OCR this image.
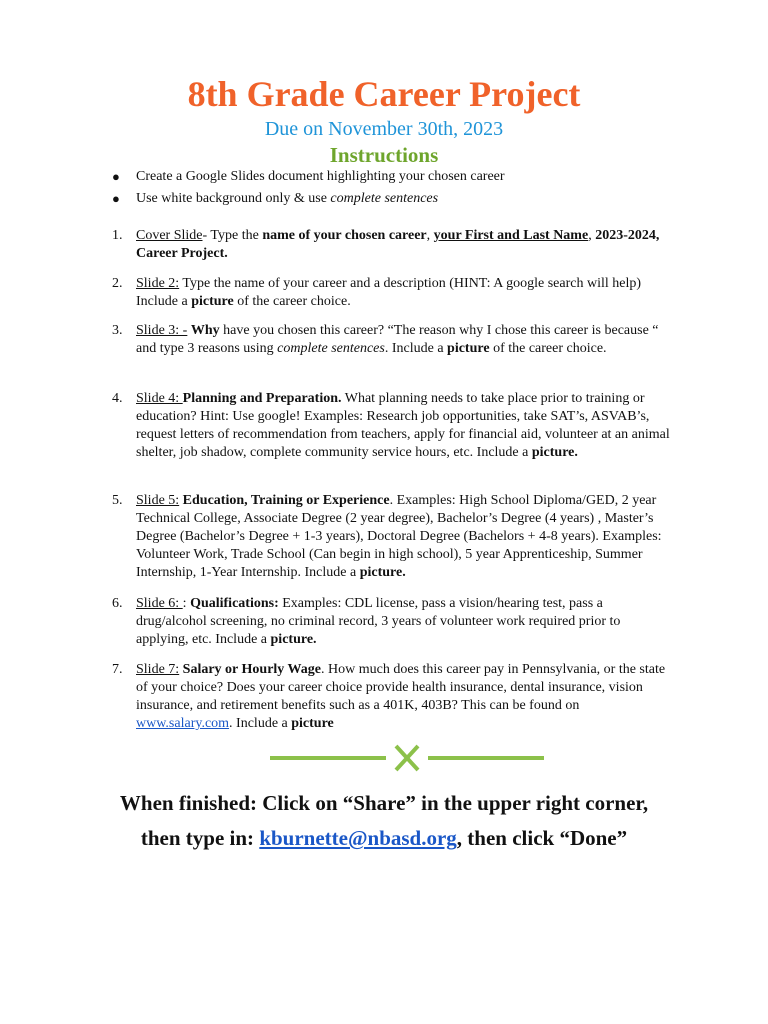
8th Grade Career Project
Due on November 30th, 2023
Instructions
● Create a Google Slides document highlighting your chosen career
● Use white background only & use complete sentences
1. Cover Slide- Type the name of your chosen career, your First and Last Name, 2023-2024, Career Project.
2. Slide 2: Type the name of your career and a description (HINT: A google search will help) Include a picture of the career choice.
3. Slide 3: - Why have you chosen this career? “The reason why I chose this career is because “ and type 3 reasons using complete sentences. Include a picture of the career choice.
4. Slide 4: Planning and Preparation. What planning needs to take place prior to training or education? Hint: Use google! Examples: Research job opportunities, take SAT’s, ASVAB’s, request letters of recommendation from teachers, apply for financial aid, volunteer at an animal shelter, job shadow, complete community service hours, etc. Include a picture.
5. Slide 5: Education, Training or Experience. Examples: High School Diploma/GED, 2 year Technical College, Associate Degree (2 year degree), Bachelor’s Degree (4 years) , Master’s Degree (Bachelor’s Degree + 1-3 years), Doctoral Degree (Bachelors + 4-8 years). Examples: Volunteer Work, Trade School (Can begin in high school), 5 year Apprenticeship, Summer Internship, 1-Year Internship. Include a picture.
6. Slide 6: : Qualifications: Examples: CDL license, pass a vision/hearing test, pass a drug/alcohol screening, no criminal record, 3 years of volunteer work required prior to applying, etc. Include a picture.
7. Slide 7: Salary or Hourly Wage. How much does this career pay in Pennsylvania, or the state of your choice? Does your career choice provide health insurance, dental insurance, vision insurance, and retirement benefits such as a 401K, 403B? This can be found on www.salary.com. Include a picture
When finished: Click on “Share” in the upper right corner,
then type in: kburnette@nbasd.org, then click “Done”
